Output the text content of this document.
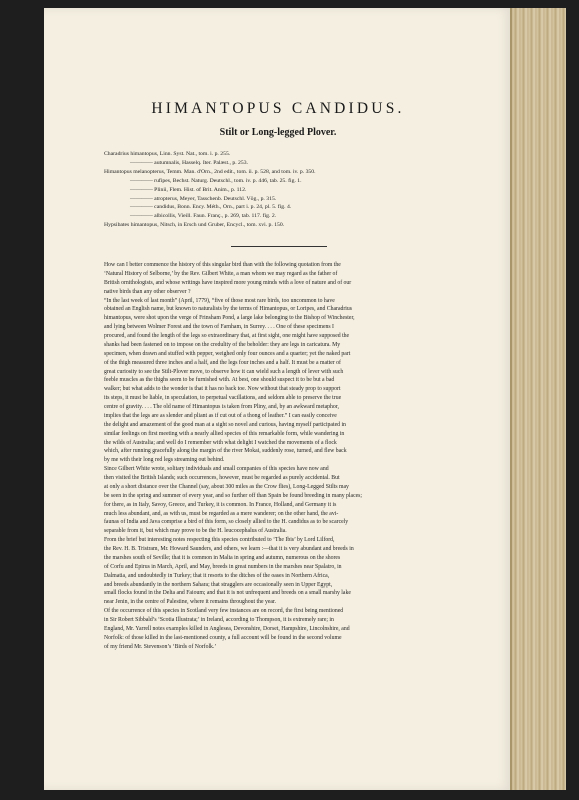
HIMANTOPUS CANDIDUS.
Stilt or Long-legged Plover.
Charadrius himantopus, Linn. Syst. Nat., tom. i. p. 255.
———— autumnalis, Hasselq. Iter. Palæst., p. 253.
Himantopus melanopterus, Temm. Man. d'Orn., 2nd edit., tom. ii. p. 528, and tom. iv. p. 350.
———— rufipes, Bechst. Naturg. Deutschl., tom. iv. p. 446, tab. 25. fig. 1.
———— Plinii, Flem. Hist. of Brit. Anim., p. 112.
———— atropterus, Meyer, Tasschenb. Deutschl. Vög., p. 315.
———— candidus, Bonn. Ency. Méth., Orn., part i. p. 24, pl. 5. fig. 4.
———— albicollis, Vieill. Faun. Franç., p. 269, tab. 117. fig. 2.
Hypsibates himantopus, Nitsch, in Ersch und Gruber, Encycl., tom. xvi. p. 150.
How can I better commence the history of this singular bird than with the following quotation from the
‘Natural History of Selborne,’ by the Rev. Gilbert White, a man whom we may regard as the father of
British ornithologists, and whose writings have inspired more young minds with a love of nature and of our
native birds than any other observer ?
“In the last week of last month” (April, 1779), “five of those most rare birds, too uncommon to have
obtained an English name, but known to naturalists by the terms of Himantopus, or Loripes, and Charadrius
himantopus, were shot upon the verge of Frinsham Pond, a large lake belonging to the Bishop of Winchester,
and lying between Wolmer Forest and the town of Farnham, in Surrey. . . . One of these specimens I
procured, and found the length of the legs so extraordinary that, at first sight, one might have supposed the
shanks had been fastened on to impose on the credulity of the beholder: they are legs in caricatura. My
specimen, when drawn and stuffed with pepper, weighed only four ounces and a quarter; yet the naked part
of the thigh measured three inches and a half, and the legs four inches and a half. It must be a matter of
great curiosity to see the Stilt-Plover move, to observe how it can wield such a length of lever with such
feeble muscles as the thighs seem to be furnished with. At best, one should suspect it to be but a bad
walker; but what adds to the wonder is that it has no back toe. Now without that steady prop to support
its steps, it must be liable, in speculation, to perpetual vacillations, and seldom able to preserve the true
centre of gravity. . . . The old name of Himantopus is taken from Pliny, and, by an awkward metaphor,
implies that the legs are as slender and pliant as if cut out of a thong of leather.” I can easily conceive
the delight and amazement of the good man at a sight so novel and curious, having myself participated in
similar feelings on first meeting with a nearly allied species of this remarkable form, while wandering in
the wilds of Australia; and well do I remember with what delight I watched the movements of a flock
which, after running gracefully along the margin of the river Mokai, suddenly rose, turned, and flew back
by me with their long red legs streaming out behind.
Since Gilbert White wrote, solitary individuals and small companies of this species have now and
then visited the British Islands; such occurrences, however, must be regarded as purely accidental. But
at only a short distance over the Channel (say, about 300 miles as the Crow flies), Long-Legged Stilts may
be seen in the spring and summer of every year, and so further off than Spain be found breeding in many places;
for there, as in Italy, Savoy, Greece, and Turkey, it is common. In France, Holland, and Germany it is
much less abundant, and, as with us, must be regarded as a mere wanderer; on the other hand, the avi-
faunas of India and Java comprise a bird of this form, so closely allied to the H. candidus as to be scarcely
separable from it, but which may prove to be the H. leucocephalus of Australia.
From the brief but interesting notes respecting this species contributed to ‘The Ibis’ by Lord Lilford,
the Rev. H. B. Tristram, Mr. Howard Saunders, and others, we learn :—that it is very abundant and breeds in
the marshes south of Seville; that it is common in Malta in spring and autumn, numerous on the shores
of Corfu and Epirus in March, April, and May, breeds in great numbers in the marshes near Spalatro, in
Dalmatia, and undoubtedly in Turkey; that it resorts to the ditches of the oases in Northern Africa,
and breeds abundantly in the northern Sahara; that stragglers are occasionally seen in Upper Egypt,
small flocks found in the Delta and Faioum; and that it is not unfrequent and breeds on a small marshy lake
near Jenin, in the centre of Palestine, where it remains throughout the year.
Of the occurrence of this species in Scotland very few instances are on record, the first being mentioned
in Sir Robert Sibbald’s ‘Scotia Illustrata;’ in Ireland, according to Thompson, it is extremely rare; in
England, Mr. Yarrell notes examples killed in Anglesea, Devonshire, Dorset, Hampshire, Lincolnshire, and
Norfolk: of those killed in the last-mentioned county, a full account will be found in the second volume
of my friend Mr. Stevenson’s ‘Birds of Norfolk.’
